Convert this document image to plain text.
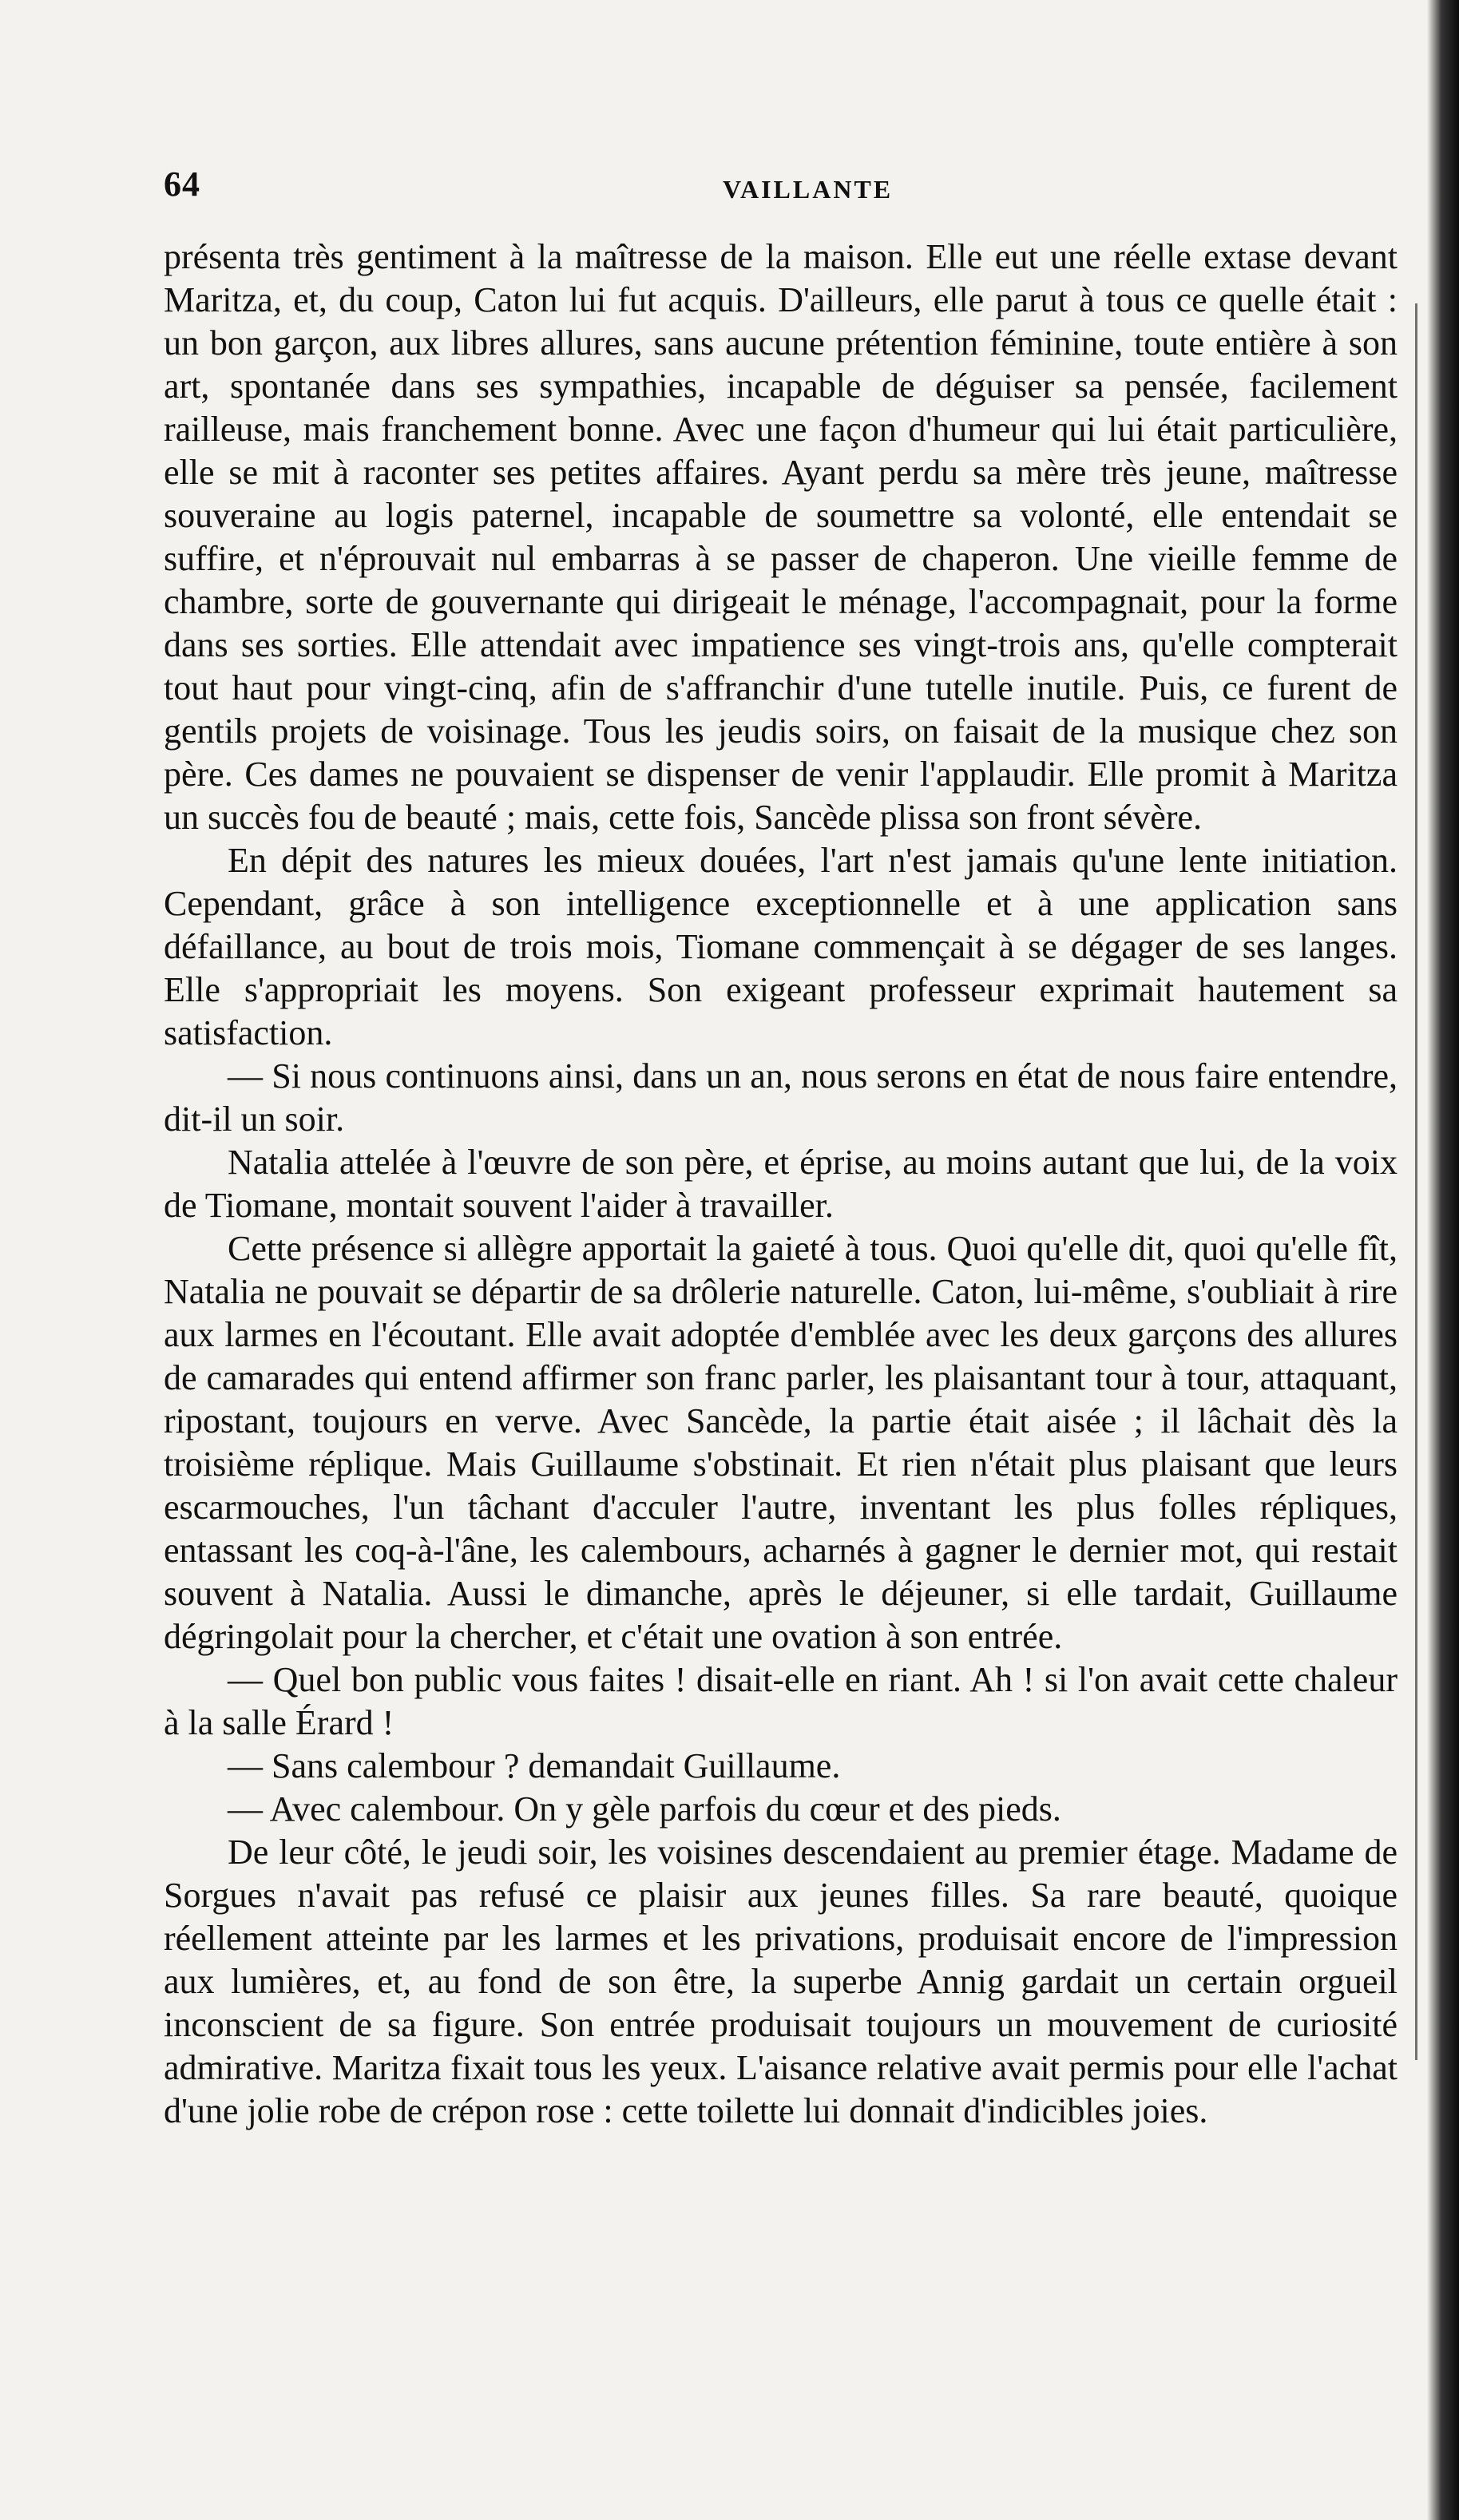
64	VAILLANTE

présenta très gentiment à la maîtresse de la maison. Elle eut une réelle extase devant Maritza, et, du coup, Caton lui fut acquis. D'ailleurs, elle parut à tous ce quelle était : un bon garçon, aux libres allures, sans aucune prétention féminine, toute entière à son art, spontanée dans ses sympathies, incapable de déguiser sa pensée, facilement railleuse, mais franchement bonne. Avec une façon d'humeur qui lui était particulière, elle se mit à raconter ses petites affaires. Ayant perdu sa mère très jeune, maîtresse souveraine au logis paternel, incapable de soumettre sa volonté, elle entendait se suffire, et n'éprouvait nul embarras à se passer de chaperon. Une vieille femme de chambre, sorte de gouvernante qui dirigeait le ménage, l'accompagnait, pour la forme dans ses sorties. Elle attendait avec impatience ses vingt-trois ans, qu'elle compterait tout haut pour vingt-cinq, afin de s'affranchir d'une tutelle inutile. Puis, ce furent de gentils projets de voisinage. Tous les jeudis soirs, on faisait de la musique chez son père. Ces dames ne pouvaient se dispenser de venir l'applaudir. Elle promit à Maritza un succès fou de beauté ; mais, cette fois, Sancède plissa son front sévère.

En dépit des natures les mieux douées, l'art n'est jamais qu'une lente initiation. Cependant, grâce à son intelligence exceptionnelle et à une application sans défaillance, au bout de trois mois, Tiomane commençait à se dégager de ses langes. Elle s'appropriait les moyens. Son exigeant professeur exprimait hautement sa satisfaction.

— Si nous continuons ainsi, dans un an, nous serons en état de nous faire entendre, dit-il un soir.

Natalia attelée à l'œuvre de son père, et éprise, au moins autant que lui, de la voix de Tiomane, montait souvent l'aider à travailler.

Cette présence si allègre apportait la gaieté à tous. Quoi qu'elle dit, quoi qu'elle fît, Natalia ne pouvait se départir de sa drôlerie naturelle. Caton, lui-même, s'oubliait à rire aux larmes en l'écoutant. Elle avait adoptée d'emblée avec les deux garçons des allures de camarades qui entend affirmer son franc parler, les plaisantant tour à tour, attaquant, ripostant, toujours en verve. Avec Sancède, la partie était aisée ; il lâchait dès la troisième réplique. Mais Guillaume s'obstinait. Et rien n'était plus plaisant que leurs escarmouches, l'un tâchant d'acculer l'autre, inventant les plus folles répliques, entassant les coq-à-l'âne, les calembours, acharnés à gagner le dernier mot, qui restait souvent à Natalia. Aussi le dimanche, après le déjeuner, si elle tardait, Guillaume dégringolait pour la chercher, et c'était une ovation à son entrée.

— Quel bon public vous faites ! disait-elle en riant. Ah ! si l'on avait cette chaleur à la salle Érard !

— Sans calembour ? demandait Guillaume.

— Avec calembour. On y gèle parfois du cœur et des pieds.

De leur côté, le jeudi soir, les voisines descendaient au premier étage. Madame de Sorgues n'avait pas refusé ce plaisir aux jeunes filles. Sa rare beauté, quoique réellement atteinte par les larmes et les privations, produisait encore de l'impression aux lumières, et, au fond de son être, la superbe Annig gardait un certain orgueil inconscient de sa figure. Son entrée produisait toujours un mouvement de curiosité admirative. Maritza fixait tous les yeux. L'aisance relative avait permis pour elle l'achat d'une jolie robe de crépon rose : cette toilette lui donnait d'indicibles joies.
